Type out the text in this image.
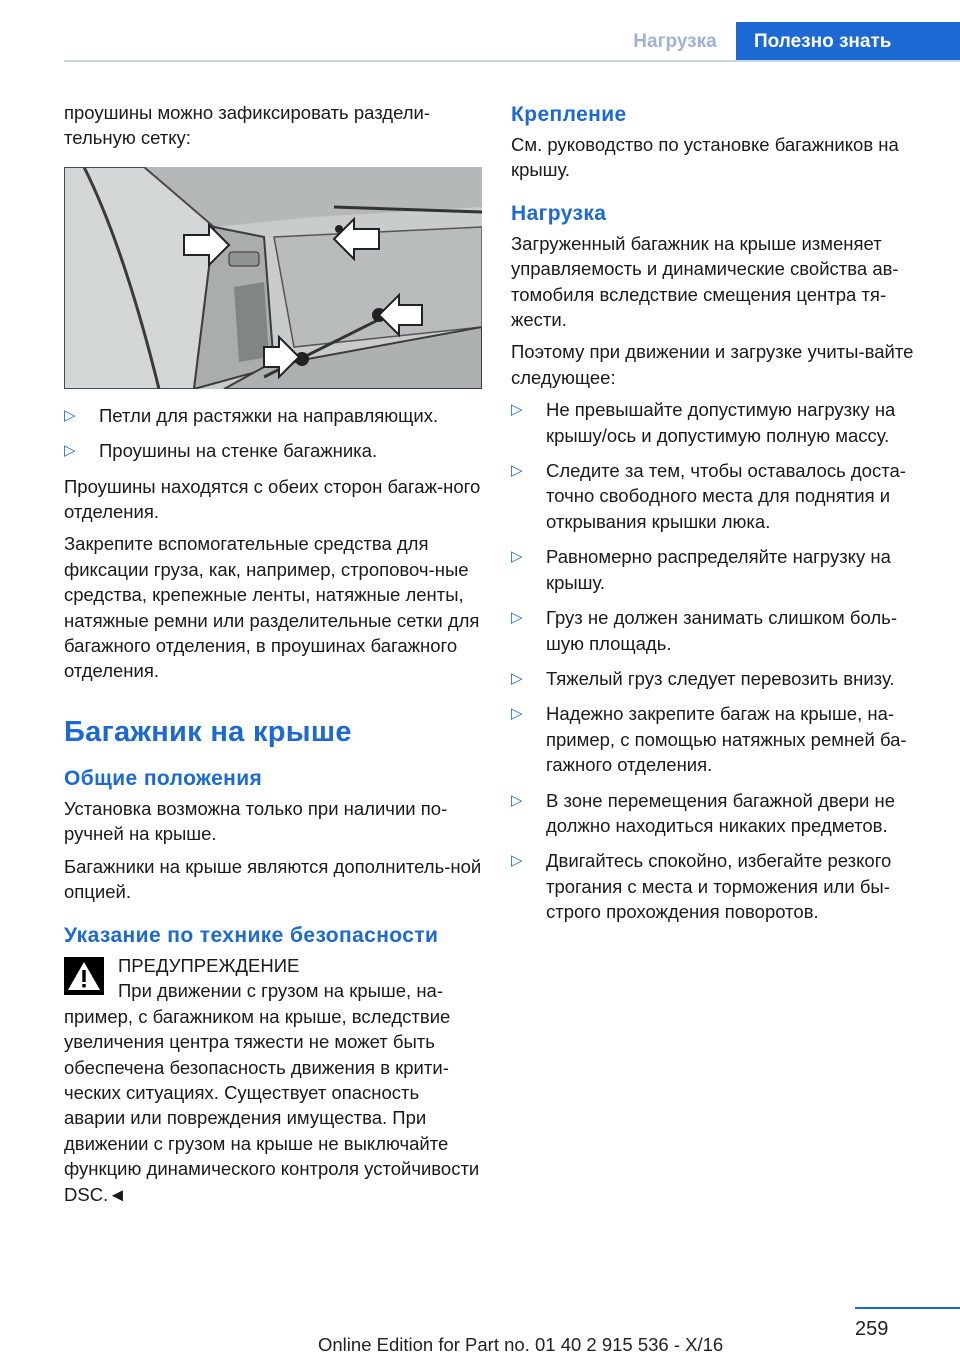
Нагрузка	Полезно знать

проушины можно зафиксировать раздели-тельную сетку:

▷ Петли для растяжки на направляющих.
▷ Проушины на стенке багажника.

Проушины находятся с обеих сторон багаж-ного отделения.

Закрепите вспомогательные средства для фиксации груза, как, например, строповоч-ные средства, крепежные ленты, натяжные ленты, натяжные ремни или разделительные сетки для багажного отделения, в проушинах багажного отделения.

Багажник на крыше
Общие положения

Установка возможна только при наличии по-ручней на крыше.

Багажники на крыше являются дополнитель-ной опцией.

Указание по технике безопасности
ПРЕДУПРЕЖДЕНИЕ

При движении с грузом на крыше, на-пример, с багажником на крыше, вследствие увеличения центра тяжести не может быть обеспечена безопасность движения в крити-ческих ситуациях. Существует опасность аварии или повреждения имущества. При движении с грузом на крыше не выключайте функцию динамического контроля устойчивости DSC.◄

Крепление

См. руководство по установке багажников на крышу.

Нагрузка

Загруженный багажник на крыше изменяет управляемость и динамические свойства ав-томобиля вследствие смещения центра тя-жести.

Поэтому при движении и загрузке учиты-вайте следующее:

▷ Не превышайте допустимую нагрузку на крышу/ось и допустимую полную массу.
▷ Следите за тем, чтобы оставалось доста-точно свободного места для поднятия и открывания крышки люка.
▷ Равномерно распределяйте нагрузку на крышу.
▷ Груз не должен занимать слишком боль-шую площадь.
▷ Тяжелый груз следует перевозить внизу.
▷ Надежно закрепите багаж на крыше, на-пример, с помощью натяжных ремней ба-гажного отделения.
▷ В зоне перемещения багажной двери не должно находиться никаких предметов.
▷ Двигайтесь спокойно, избегайте резкого трогания с места и торможения или бы-строго прохождения поворотов.
259
Online Edition for Part no. 01 40 2 915 536 - X/16
